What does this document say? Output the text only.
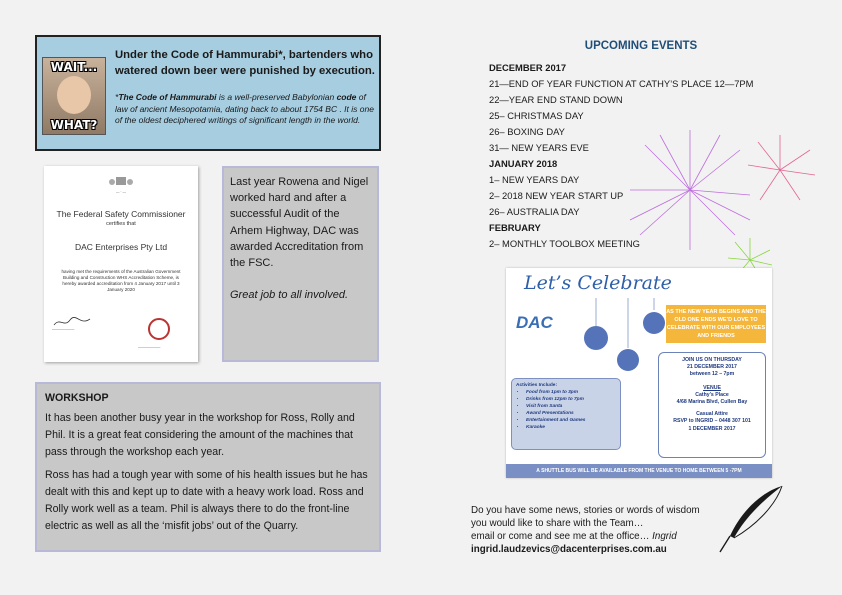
WAIT...
WHAT?
Under the Code of Hammurabi*, bartenders who watered down beer were punished by execution.
*The Code of Hammurabi is a well-preserved Babylonian code of law of ancient Mesopotamia, dating back to about 1754 BC . It is one of the oldest deciphered writings of significant length in the world.
— · —
The Federal Safety Commissioner
certifies that
DAC Enterprises Pty Ltd
having met the requirements of the Australian Government Building and Construction WHS Accreditation Scheme, is hereby awarded accreditation from 4 January 2017 until 3 January 2020
─────────
─────────

Last year Rowena and Nigel worked hard and after a successful Audit of the Arhem Highway, DAC was awarded Accreditation from the FSC.

Great job to all involved.

WORKSHOP

It has been another busy year in the workshop for Ross, Rolly and Phil. It is a great feat considering the amount of the machines that pass through the workshop each year.

Ross has had a tough year with some of his health issues but he has dealt with this and kept up to date with a heavy work load. Ross and Rolly work well as a team. Phil is always there to do the front-line electric as well as all the ‘misfit jobs’ out of the Quarry.

UPCOMING EVENTS
DECEMBER 2017
21—END OF YEAR FUNCTION AT CATHY’S PLACE 12—7PM
22—YEAR END STAND DOWN
25– CHRISTMAS DAY
26– BOXING DAY
31— NEW YEARS EVE
JANUARY 2018
1– NEW YEARS DAY
2– 2018 NEW YEAR START UP
26– AUSTRALIA DAY
FEBRUARY
2– MONTHLY TOOLBOX MEETING
Let’s Celebrate
DAC
AS THE NEW YEAR BEGINS AND THE OLD ONE ENDS WE’D LOVE TO CELEBRATE WITH OUR EMPLOYEES AND FRIENDS
JOIN US ON THURSDAY
21 DECEMBER 2017
between 12 – 7pm
VENUE
Cathy’s Place
4/68 Marina Blvd, Cullen Bay
Casual Attire
RSVP to INGRID – 0448 307 101
1 DECEMBER 2017
Activities Include:
• Food from 1pm to 3pm
• Drinks from 12pm to 7pm
• Visit from Santa
• Award Presentations
• Entertainment and Games
• Karaoke
A SHUTTLE BUS WILL BE AVAILABLE FROM THE VENUE TO HOME BETWEEN 5 -7PM
Do you have some news, stories or words of wisdom
you would like to share with the Team…
email or come and see me at the office… Ingrid
ingrid.laudzevics@dacenterprises.com.au
